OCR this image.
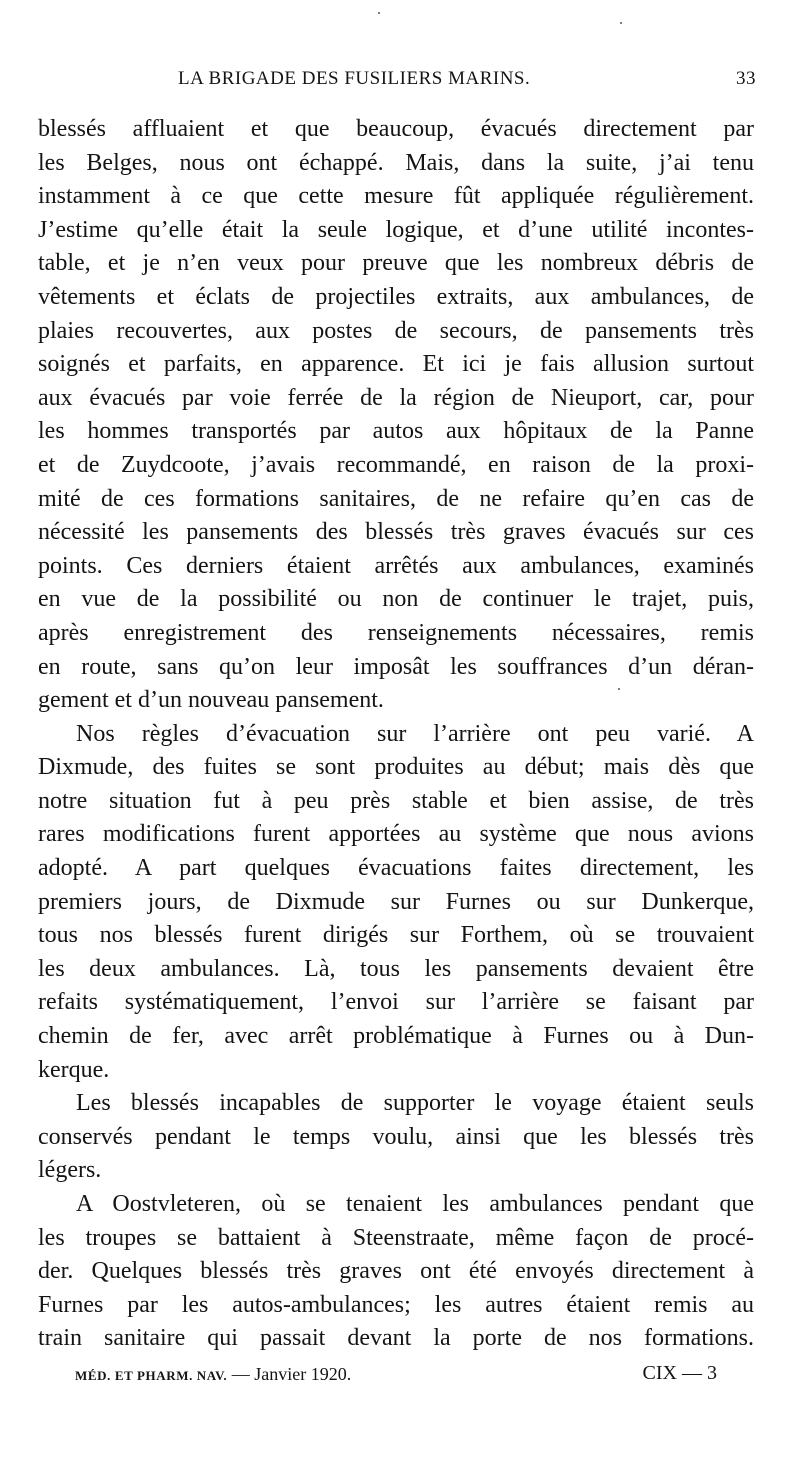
LA BRIGADE DES FUSILIERS MARINS.	33
blessés affluaient et que beaucoup, évacués directement par
les Belges, nous ont échappé. Mais, dans la suite, j’ai tenu
instamment à ce que cette mesure fût appliquée régulièrement.
J’estime qu’elle était la seule logique, et d’une utilité incontes-
table, et je n’en veux pour preuve que les nombreux débris de
vêtements et éclats de projectiles extraits, aux ambulances, de
plaies recouvertes, aux postes de secours, de pansements très
soignés et parfaits, en apparence. Et ici je fais allusion surtout
aux évacués par voie ferrée de la région de Nieuport, car, pour
les hommes transportés par autos aux hôpitaux de la Panne
et de Zuydcoote, j’avais recommandé, en raison de la proxi-
mité de ces formations sanitaires, de ne refaire qu’en cas de
nécessité les pansements des blessés très graves évacués sur ces
points. Ces derniers étaient arrêtés aux ambulances, examinés
en vue de la possibilité ou non de continuer le trajet, puis,
après enregistrement des renseignements nécessaires, remis
en route, sans qu’on leur imposât les souffrances d’un déran-
gement et d’un nouveau pansement.
Nos règles d’évacuation sur l’arrière ont peu varié. A
Dixmude, des fuites se sont produites au début; mais dès que
notre situation fut à peu près stable et bien assise, de très
rares modifications furent apportées au système que nous avions
adopté. A part quelques évacuations faites directement, les
premiers jours, de Dixmude sur Furnes ou sur Dunkerque,
tous nos blessés furent dirigés sur Forthem, où se trouvaient
les deux ambulances. Là, tous les pansements devaient être
refaits systématiquement, l’envoi sur l’arrière se faisant par
chemin de fer, avec arrêt problématique à Furnes ou à Dun-
kerque.
Les blessés incapables de supporter le voyage étaient seuls
conservés pendant le temps voulu, ainsi que les blessés très
légers.
A Oostvleteren, où se tenaient les ambulances pendant que
les troupes se battaient à Steenstraate, même façon de procé-
der. Quelques blessés très graves ont été envoyés directement à
Furnes par les autos-ambulances; les autres étaient remis au
train sanitaire qui passait devant la porte de nos formations.
MÉD. ET PHARM. NAV. — Janvier 1920.	CIX — 3
